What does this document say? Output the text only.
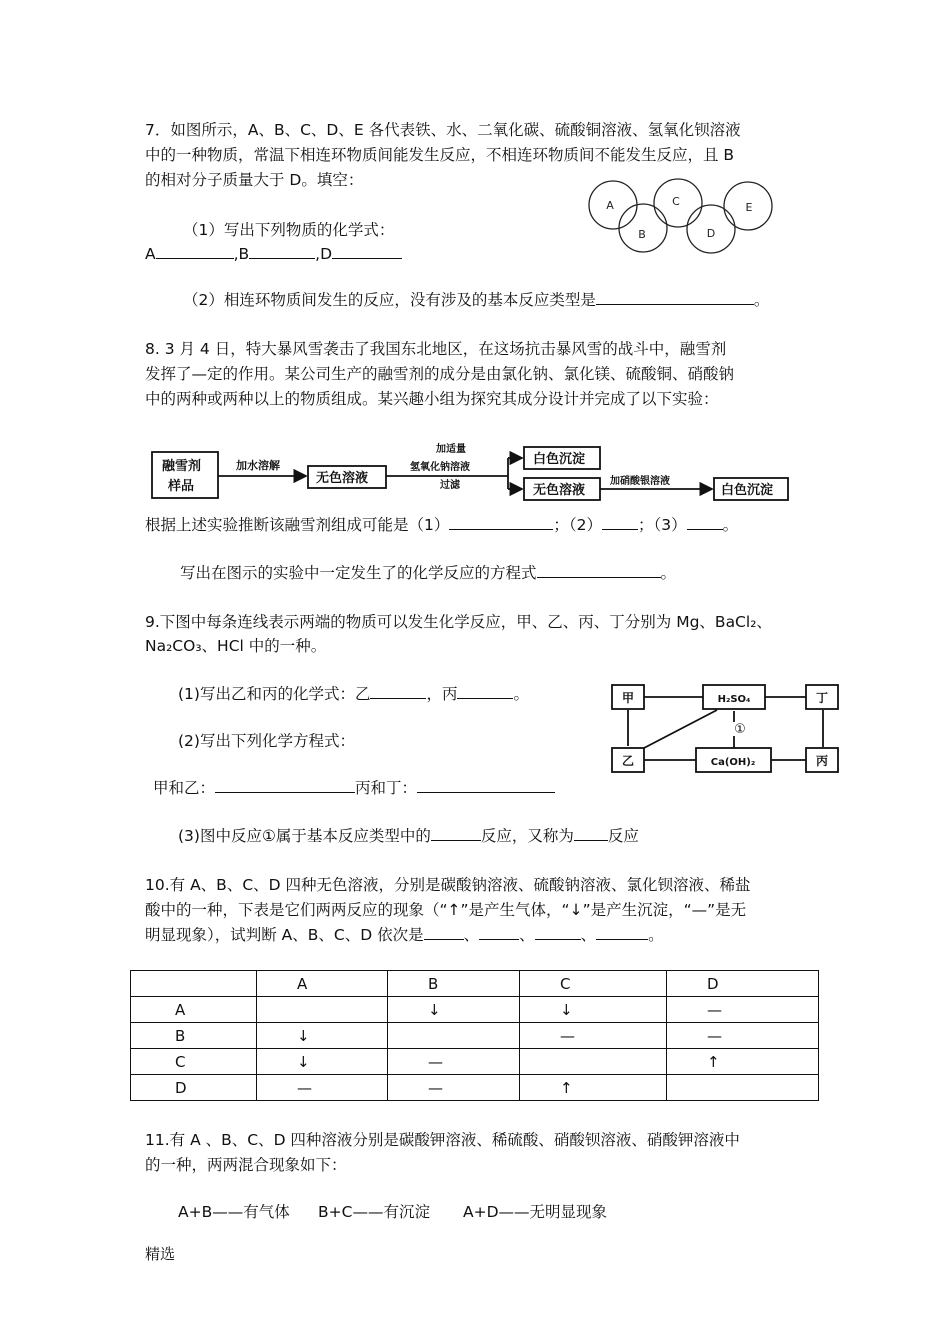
7．如图所示，A、B、C、D、E 各代表铁、水、二氧化碳、硫酸铜溶液、氢氧化钡溶液
中的一种物质，常温下相连环物质间能发生反应，不相连环物质间不能发生反应，且 B
的相对分子质量大于 D。填空：
（1）写出下列物质的化学式：
A	,B	,D
A
B
C
D
E
（2）相连环物质间发生的反应，没有涉及的基本反应类型是	。
8. 3 月 4 日，特大暴风雪袭击了我国东北地区，在这场抗击暴风雪的战斗中，融雪剂
发挥了—定的作用。某公司生产的融雪剂的成分是由氯化钠、氯化镁、硫酸铜、硝酸钠
中的两种或两种以上的物质组成。某兴趣小组为探究其成分设计并完成了以下实验：
融雪剂
样品
加水溶解
无色溶液
加适量
氢氧化钠溶液
过滤
白色沉淀
无色溶液
加硝酸银溶液
白色沉淀
根据上述实验推断该融雪剂组成可能是（1）	；（2） ；（3） 。
写出在图示的实验中一定发生了的化学反应的方程式	。
9.下图中每条连线表示两端的物质可以发生化学反应，甲、乙、丙、丁分别为 Mg、BaCl₂、
Na₂CO₃、HCl 中的一种。
(1)写出乙和丙的化学式：乙	，丙	。
(2)写出下列化学方程式：
甲和乙：	丙和丁：
(3)图中反应①属于基本反应类型中的	反应，又称为 反应
甲	H₂SO₄	丁
乙	Ca(OH)₂	丙
①
10.有 A、B、C、D 四种无色溶液，分别是碳酸钠溶液、硫酸钠溶液、氯化钡溶液、稀盐
酸中的一种，下表是它们两两反应的现象（“↑”是产生气体，“↓”是产生沉淀，“—”是无
明显现象），试判断 A、B、C、D 依次是	、	、	、	。
	A	B	C	D
A		↓	↓	—
B	↓		—	—
C	↓	—		↑
D	—	—	↑	
11.有 A 、B、C、D 四种溶液分别是碳酸钾溶液、稀硫酸、硝酸钡溶液、硝酸钾溶液中
的一种，两两混合现象如下：
A+B——有气体 B+C——有沉淀 A+D——无明显现象
精选
